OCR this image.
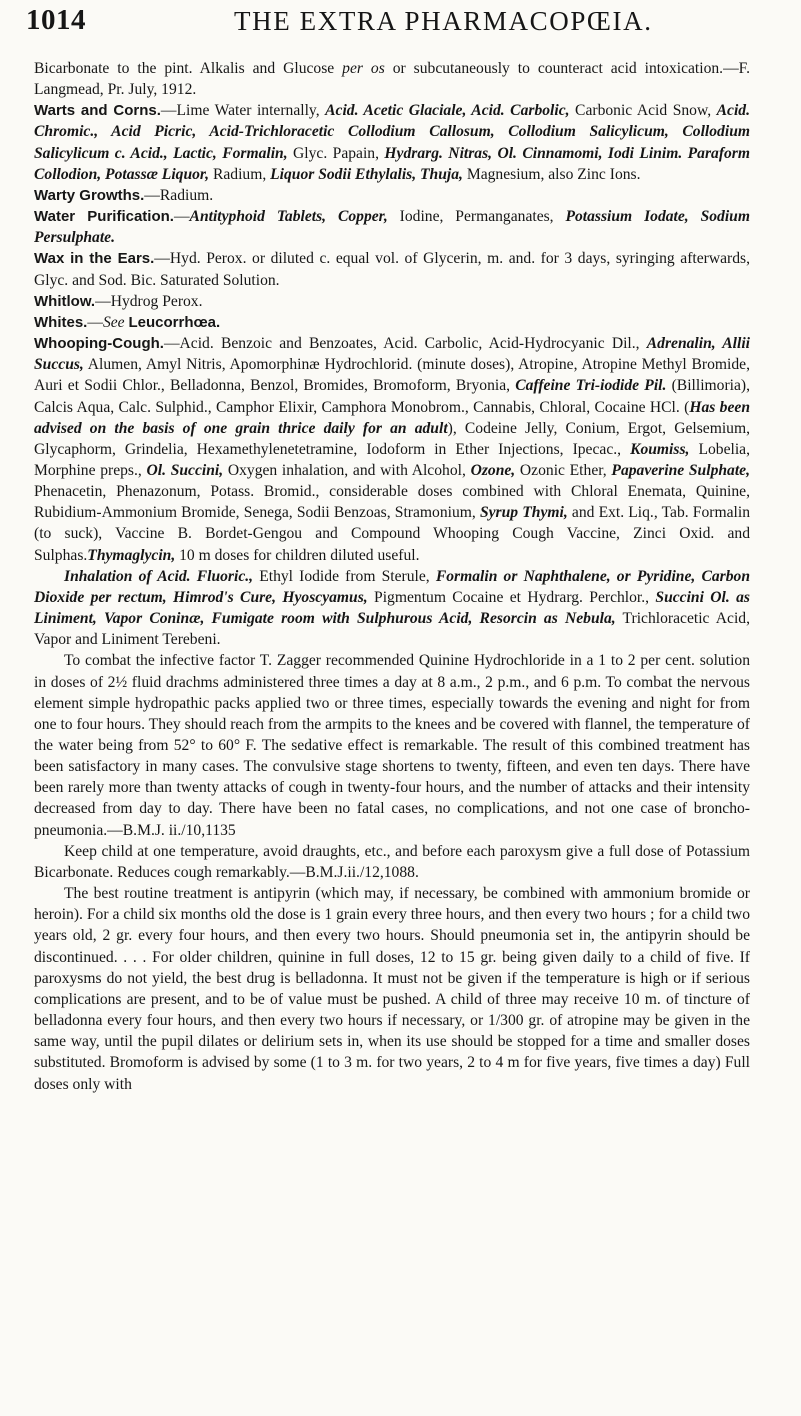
1014	THE EXTRA PHARMACOPŒIA.

Bicarbonate to the pint. Alkalis and Glucose per os or subcutaneously to counteract acid intoxication.—F. Langmead, Pr. July, 1912.

Warts and Corns.—Lime Water internally, Acid. Acetic Glaciale, Acid. Carbolic, Carbonic Acid Snow, Acid. Chromic., Acid Picric, Acid-Trichloracetic Collodium Callosum, Collodium Salicylicum, Collodium Salicylicum c. Acid., Lactic, Formalin, Glyc. Papain, Hydrarg. Nitras, Ol. Cinnamomi, Iodi Linim. Paraform Collodion, Potassæ Liquor, Radium, Liquor Sodii Ethylalis, Thuja, Magnesium, also Zinc Ions.

Warty Growths.—Radium.

Water Purification.—Antityphoid Tablets, Copper, Iodine, Permanganates, Potassium Iodate, Sodium Persulphate.

Wax in the Ears.—Hyd. Perox. or diluted c. equal vol. of Glycerin, m. and. for 3 days, syringing afterwards, Glyc. and Sod. Bic. Saturated Solution.

Whitlow.—Hydrog Perox.

Whites.—See Leucorrhœa.

Whooping-Cough.—Acid. Benzoic and Benzoates, Acid. Carbolic, Acid-Hydrocyanic Dil., Adrenalin, Allii Succus, Alumen, Amyl Nitris, Apomorphinæ Hydrochlorid. (minute doses), Atropine, Atropine Methyl Bromide, Auri et Sodii Chlor., Belladonna, Benzol, Bromides, Bromoform, Bryonia, Caffeine Tri-iodide Pil. (Billimoria), Calcis Aqua, Calc. Sulphid., Camphor Elixir, Camphora Monobrom., Cannabis, Chloral, Cocaine HCl. (Has been advised on the basis of one grain thrice daily for an adult), Codeine Jelly, Conium, Ergot, Gelsemium, Glycaphorm, Grindelia, Hexamethylenetetramine, Iodoform in Ether Injections, Ipecac., Koumiss, Lobelia, Morphine preps., Ol. Succini, Oxygen inhalation, and with Alcohol, Ozone, Ozonic Ether, Papaverine Sulphate, Phenacetin, Phenazonum, Potass. Bromid., considerable doses combined with Chloral Enemata, Quinine, Rubidium-Ammonium Bromide, Senega, Sodii Benzoas, Stramonium, Syrup Thymi, and Ext. Liq., Tab. Formalin (to suck), Vaccine B. Bordet-Gengou and Compound Whooping Cough Vaccine, Zinci Oxid. and Sulphas.Thymaglycin, 10 m doses for children diluted useful.

Inhalation of Acid. Fluoric., Ethyl Iodide from Sterule, Formalin or Naphthalene, or Pyridine, Carbon Dioxide per rectum, Himrod's Cure, Hyoscyamus, Pigmentum Cocaine et Hydrarg. Perchlor., Succini Ol. as Liniment, Vapor Coninæ, Fumigate room with Sulphurous Acid, Resorcin as Nebula, Trichloracetic Acid, Vapor and Liniment Terebeni.

To combat the infective factor T. Zagger recommended Quinine Hydrochloride in a 1 to 2 per cent. solution in doses of 2½ fluid drachms administered three times a day at 8 a.m., 2 p.m., and 6 p.m. To combat the nervous element simple hydropathic packs applied two or three times, especially towards the evening and night for from one to four hours. They should reach from the armpits to the knees and be covered with flannel, the temperature of the water being from 52° to 60° F. The sedative effect is remarkable. The result of this combined treatment has been satisfactory in many cases. The convulsive stage shortens to twenty, fifteen, and even ten days. There have been rarely more than twenty attacks of cough in twenty-four hours, and the number of attacks and their intensity decreased from day to day. There have been no fatal cases, no complications, and not one case of broncho-pneumonia.—B.M.J. ii./10,1135

Keep child at one temperature, avoid draughts, etc., and before each paroxysm give a full dose of Potassium Bicarbonate. Reduces cough remarkably.—B.M.J.ii./12,1088.

The best routine treatment is antipyrin (which may, if necessary, be combined with ammonium bromide or heroin). For a child six months old the dose is 1 grain every three hours, and then every two hours ; for a child two years old, 2 gr. every four hours, and then every two hours. Should pneumonia set in, the antipyrin should be discontinued. . . . For older children, quinine in full doses, 12 to 15 gr. being given daily to a child of five. If paroxysms do not yield, the best drug is belladonna. It must not be given if the temperature is high or if serious complications are present, and to be of value must be pushed. A child of three may receive 10 m. of tincture of belladonna every four hours, and then every two hours if necessary, or 1/300 gr. of atropine may be given in the same way, until the pupil dilates or delirium sets in, when its use should be stopped for a time and smaller doses substituted. Bromoform is advised by some (1 to 3 m. for two years, 2 to 4 m for five years, five times a day) Full doses only with
